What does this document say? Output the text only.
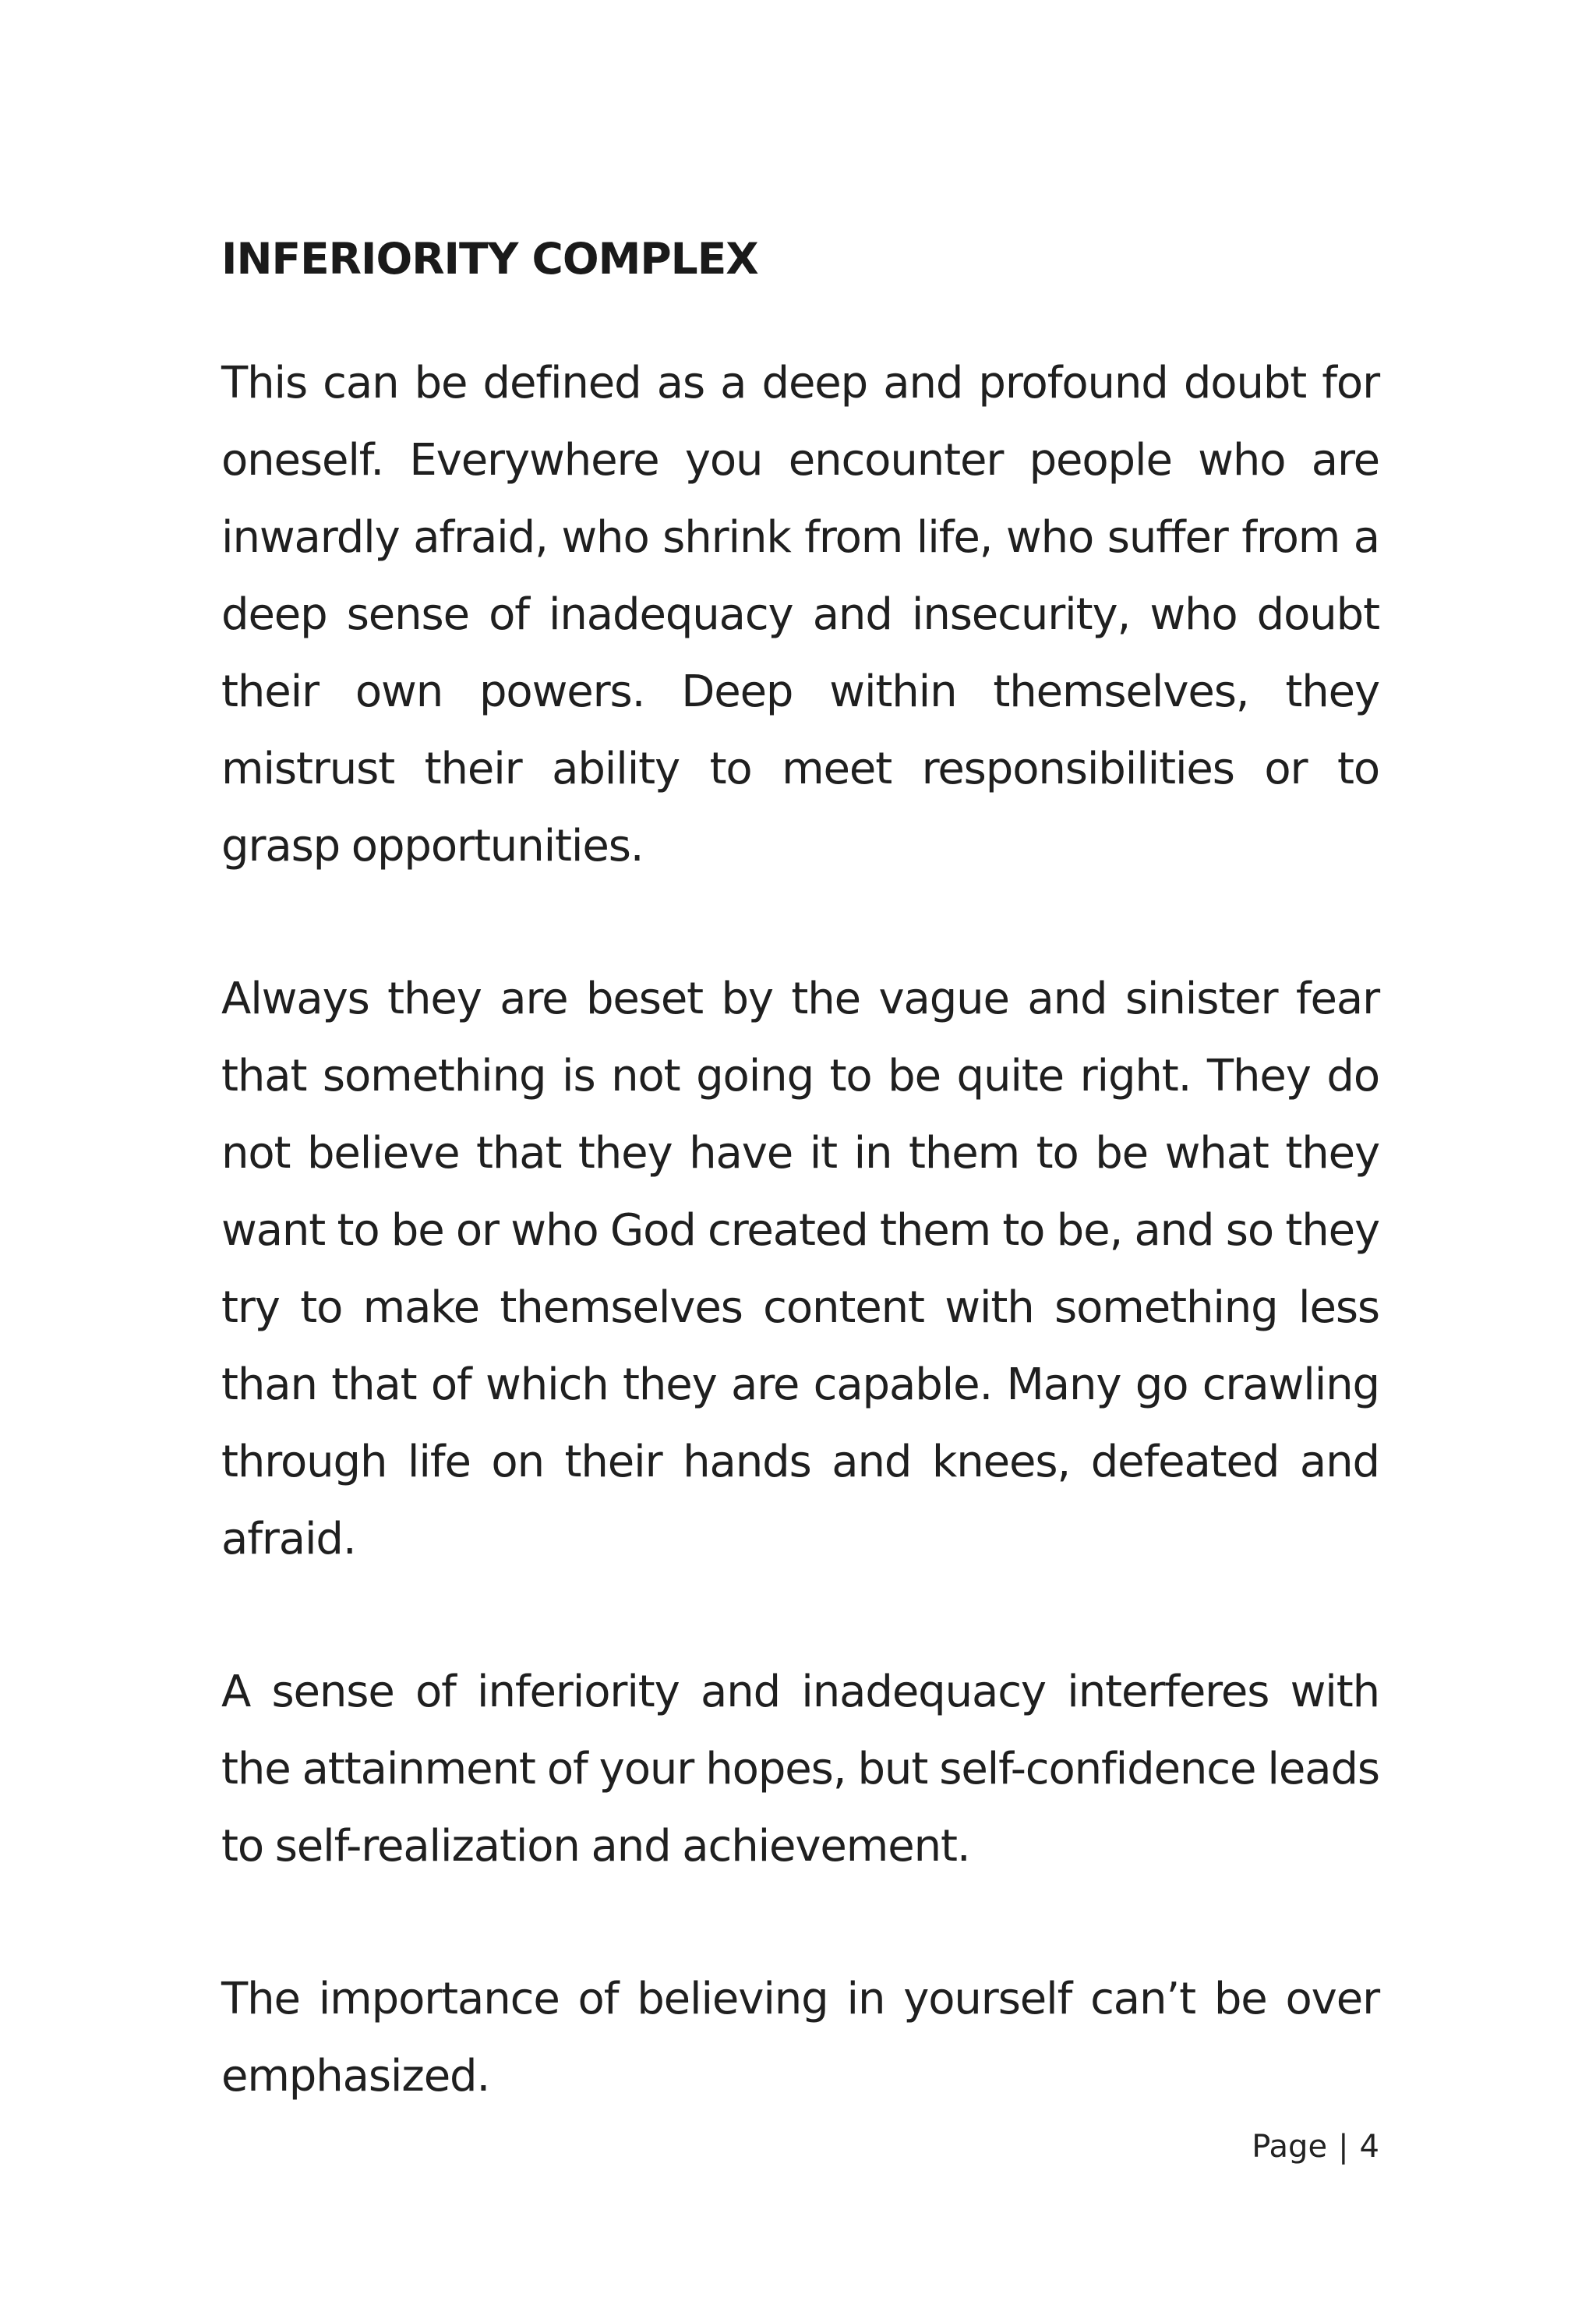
INFERIORITY COMPLEX

This can be defined as a deep and profound doubt for oneself. Everywhere you encounter people who are inwardly afraid, who shrink from life, who suffer from a deep sense of inadequacy and insecurity, who doubt their own powers. Deep within themselves, they mistrust their ability to meet responsibilities or to grasp opportunities.

Always they are beset by the vague and sinister fear that something is not going to be quite right. They do not believe that they have it in them to be what they want to be or who God created them to be, and so they try to make themselves content with something less than that of which they are capable. Many go crawling through life on their hands and knees, defeated and afraid.

A sense of inferiority and inadequacy interferes with the attainment of your hopes, but self-confidence leads to self-realization and achievement.

The importance of believing in yourself can’t be over emphasized.

Page | 4
